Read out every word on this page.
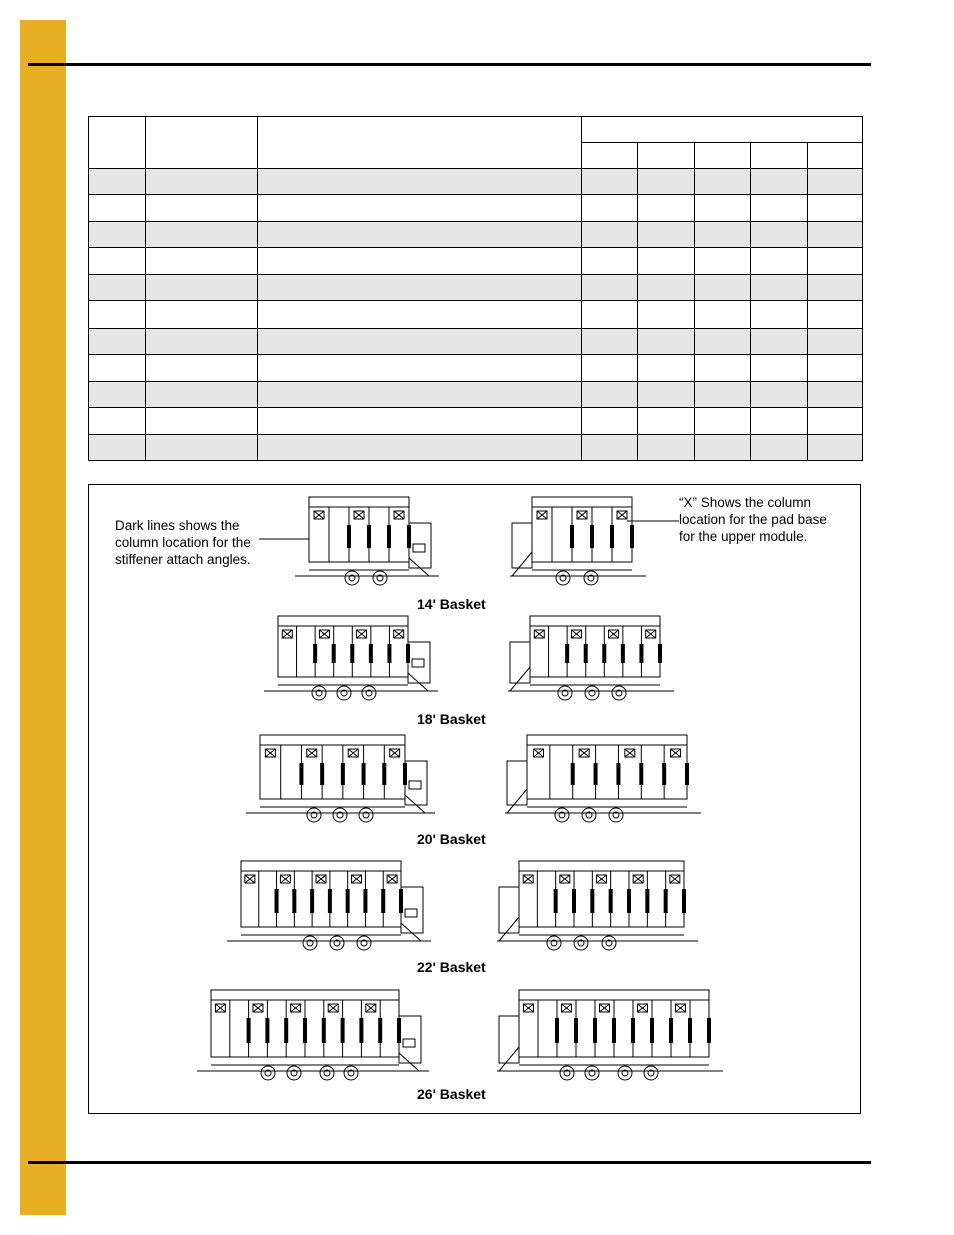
Dark lines shows the
column location for the
stiffener attach angles.
“X” Shows the column
location for the pad base
for the upper module.
14' Basket
18' Basket
20' Basket
22' Basket
26' Basket
